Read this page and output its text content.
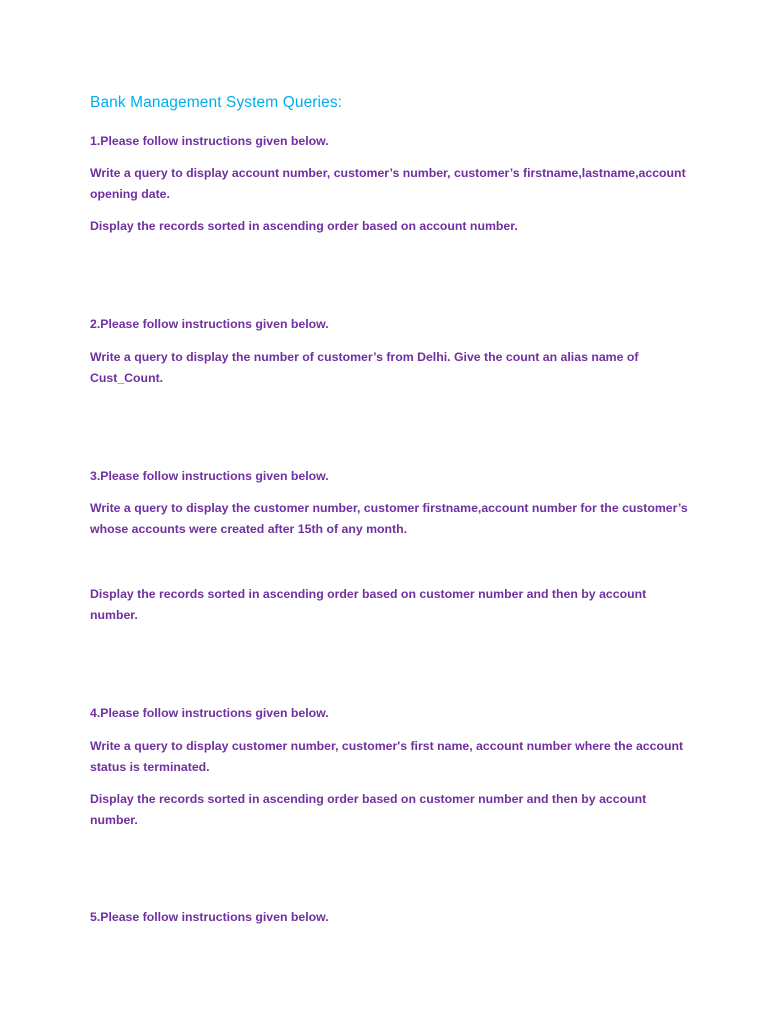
Bank Management System Queries:

1.Please follow instructions given below.

Write a query to display account number, customer’s number, customer’s firstname,lastname,account opening date.

Display the records sorted in ascending order based on account number.

2.Please follow instructions given below.

Write a query to display the number of customer’s from Delhi. Give the count an alias name of Cust_Count.

3.Please follow instructions given below.

Write a query to display the customer number, customer firstname,account number for the customer’s whose accounts were created after 15th of any month.

Display the records sorted in ascending order based on customer number and then by account number.

4.Please follow instructions given below.

Write a query to display customer number, customer's first name, account number where the account status is terminated.

Display the records sorted in ascending order based on customer number and then by account number.

5.Please follow instructions given below.
